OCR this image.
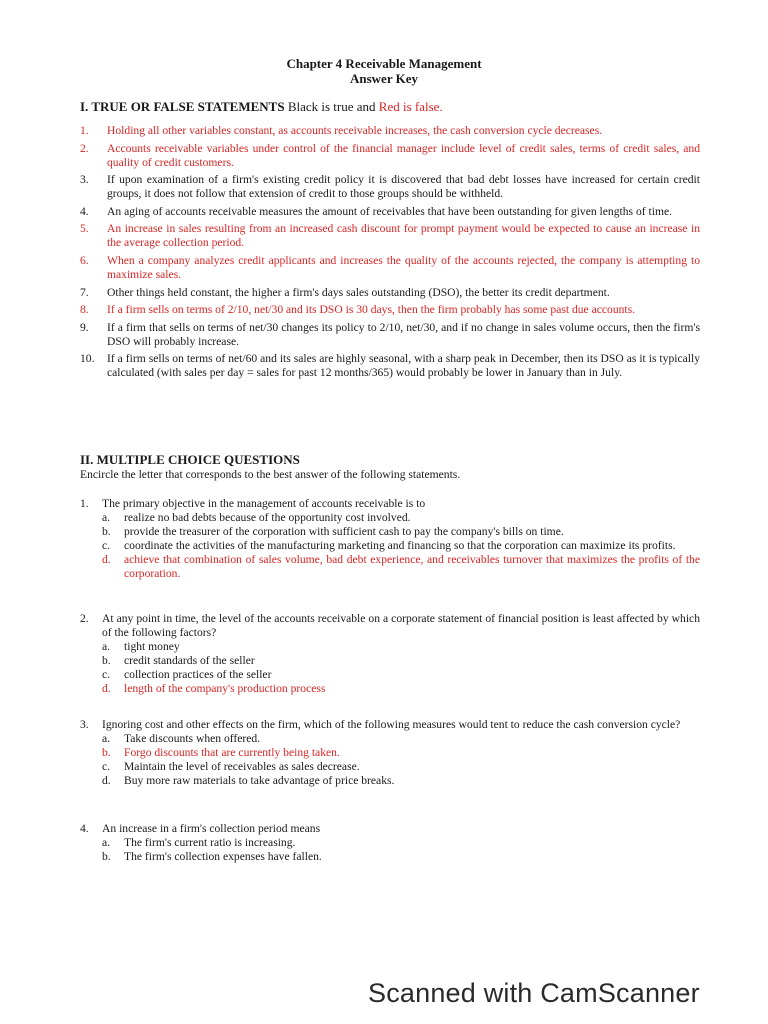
Chapter 4 Receivable Management
Answer Key
I. TRUE OR FALSE STATEMENTS Black is true and Red is false.
1.	Holding all other variables constant, as accounts receivable increases, the cash conversion cycle decreases.
2.	Accounts receivable variables under control of the financial manager include level of credit sales, terms of credit sales, and quality of credit customers.
3.	If upon examination of a firm's existing credit policy it is discovered that bad debt losses have increased for certain credit groups, it does not follow that extension of credit to those groups should be withheld.
4.	An aging of accounts receivable measures the amount of receivables that have been outstanding for given lengths of time.
5.	An increase in sales resulting from an increased cash discount for prompt payment would be expected to cause an increase in the average collection period.
6.	When a company analyzes credit applicants and increases the quality of the accounts rejected, the company is attempting to maximize sales.
7.	Other things held constant, the higher a firm's days sales outstanding (DSO), the better its credit department.
8.	If a firm sells on terms of 2/10, net/30 and its DSO is 30 days, then the firm probably has some past due accounts.
9.	If a firm that sells on terms of net/30 changes its policy to 2/10, net/30, and if no change in sales volume occurs, then the firm's DSO will probably increase.
10.	If a firm sells on terms of net/60 and its sales are highly seasonal, with a sharp peak in December, then its DSO as it is typically calculated (with sales per day = sales for past 12 months/365) would probably be lower in January than in July.
II. MULTIPLE CHOICE QUESTIONS
Encircle the letter that corresponds to the best answer of the following statements.
1.	The primary objective in the management of accounts receivable is to
a.	realize no bad debts because of the opportunity cost involved.
b.	provide the treasurer of the corporation with sufficient cash to pay the company's bills on time.
c.	coordinate the activities of the manufacturing marketing and financing so that the corporation can maximize its profits.
d.	achieve that combination of sales volume, bad debt experience, and receivables turnover that maximizes the profits of the corporation.
2.	At any point in time, the level of the accounts receivable on a corporate statement of financial position is least affected by which of the following factors?
a.	tight money
b.	credit standards of the seller
c.	collection practices of the seller
d.	length of the company's production process
3.	Ignoring cost and other effects on the firm, which of the following measures would tent to reduce the cash conversion cycle?
a.	Take discounts when offered.
b.	Forgo discounts that are currently being taken.
c.	Maintain the level of receivables as sales decrease.
d.	Buy more raw materials to take advantage of price breaks.
4.	An increase in a firm's collection period means
a.	The firm's current ratio is increasing.
b.	The firm's collection expenses have fallen.
Scanned with CamScanner
